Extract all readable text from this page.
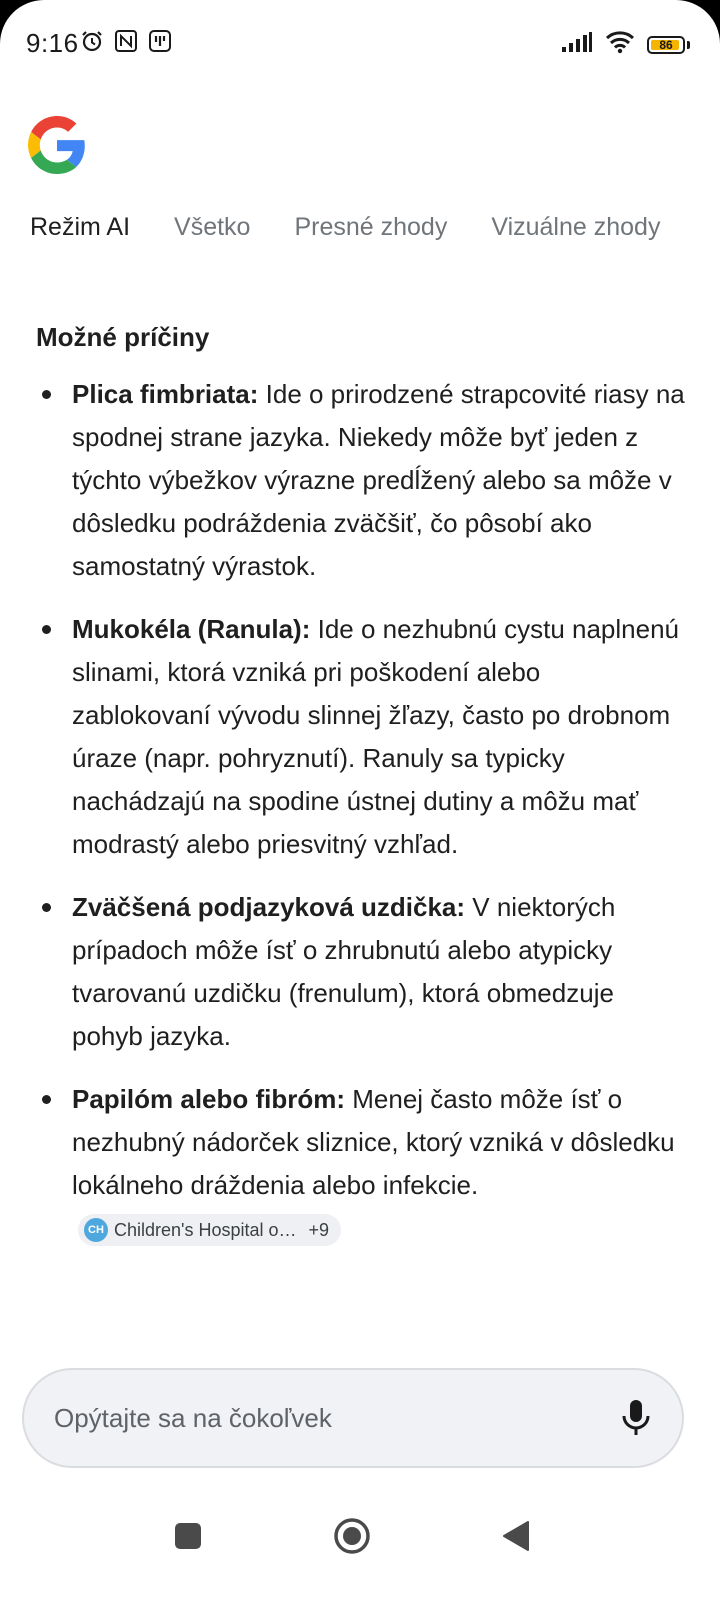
9:16	86
Režim AI Všetko Presné zhody Vizuálne zhody
Možné príčiny
Plica fimbriata: Ide o prirodzené strapcovité riasy na spodnej strane jazyka. Niekedy môže byť jeden z týchto výbežkov výrazne predĺžený alebo sa môže v dôsledku podráždenia zväčšiť, čo pôsobí ako samostatný výrastok.
Mukokéla (Ranula): Ide o nezhubnú cystu naplnenú slinami, ktorá vzniká pri poškodení alebo zablokovaní vývodu slinnej žľazy, často po drobnom úraze (napr. pohryznutí). Ranuly sa typicky nachádzajú na spodine ústnej dutiny a môžu mať modrastý alebo priesvitný vzhľad.
Zväčšená podjazyková uzdička: V niektorých prípadoch môže ísť o zhrubnutú alebo atypicky tvarovanú uzdičku (frenulum), ktorá obmedzuje pohyb jazyka.
Papilóm alebo fibróm: Menej často môže ísť o nezhubný nádorček sliznice, ktorý vzniká v dôsledku lokálneho dráždenia alebo infekcie.
CH Children's Hospital o… +9
Opýtajte sa na čokoľvek
